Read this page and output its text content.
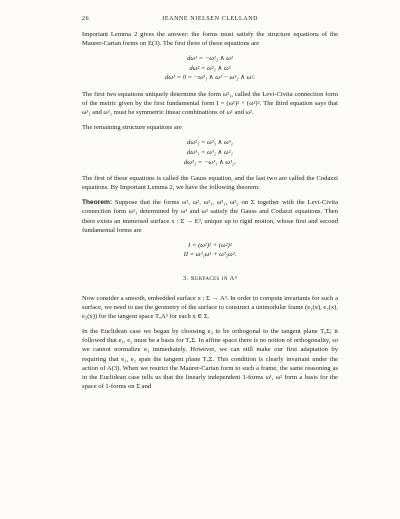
26	JEANNE NIELSEN CLELLAND

Important Lemma 2 gives the answer: the forms must satisfy the structure equations of the Maurer-Cartan forms on E(3). The first three of these equations are

dω¹ = −ω¹₂ ∧ ω²
dω² = ω²₁ ∧ ω¹
dω³ = 0 = −ω³₁ ∧ ω¹ − ω³₂ ∧ ω².

The first two equations uniquely determine the form ω²₁, called the Levi-Civita connection form of the metric given by the first fundamental form I = (ω¹)² + (ω²)². The third equation says that ω³₁ and ω³₂ must be symmetric linear combinations of ω¹ and ω².

The remaining structure equations are

dω²₁ = ω²₃ ∧ ω³₁
dω³₁ = ω³₂ ∧ ω²₁
dω³₂ = −ω³₁ ∧ ω¹₂.

The first of these equations is called the Gauss equation, and the last two are called the Codazzi equations. By Important Lemma 2, we have the following theorem:

Theorem: Suppose that the forms ω¹, ω², ω²₁, ω³₁, ω³₂ on Σ together with the Levi-Civita connection form ω²₁ determined by ω¹ and ω² satisfy the Gauss and Codazzi equations. Then there exists an immersed surface x : Σ → E³, unique up to rigid motion, whose first and second fundamental forms are

I = (ω¹)² + (ω²)²
II = ω³₁ω¹ + ω³₂ω².
3. Surfaces in A³

Now consider a smooth, embedded surface x : Σ → A³. In order to compute invariants for such a surface, we need to use the geometry of the surface to construct a unimodular frame (e₁(x), e₂(x), e₃(x)) for the tangent space TₓA³ for each x ∈ Σ.

In the Euclidean case we began by choosing e₃ to be orthogonal to the tangent plane TₓΣ; it followed that e₁, e₂ must be a basis for TₓΣ. In affine space there is no notion of orthogonality, so we cannot normalize e₃ immediately. However, we can still make our first adaptation by requiring that e₁, e₂ span the tangent plane TₓΣ. This condition is clearly invariant under the action of A(3). When we restrict the Maurer-Cartan form to such a frame, the same reasoning as in the Euclidean case tells us that the linearly independent 1-forms ω¹, ω² form a basis for the space of 1-forms on Σ and
